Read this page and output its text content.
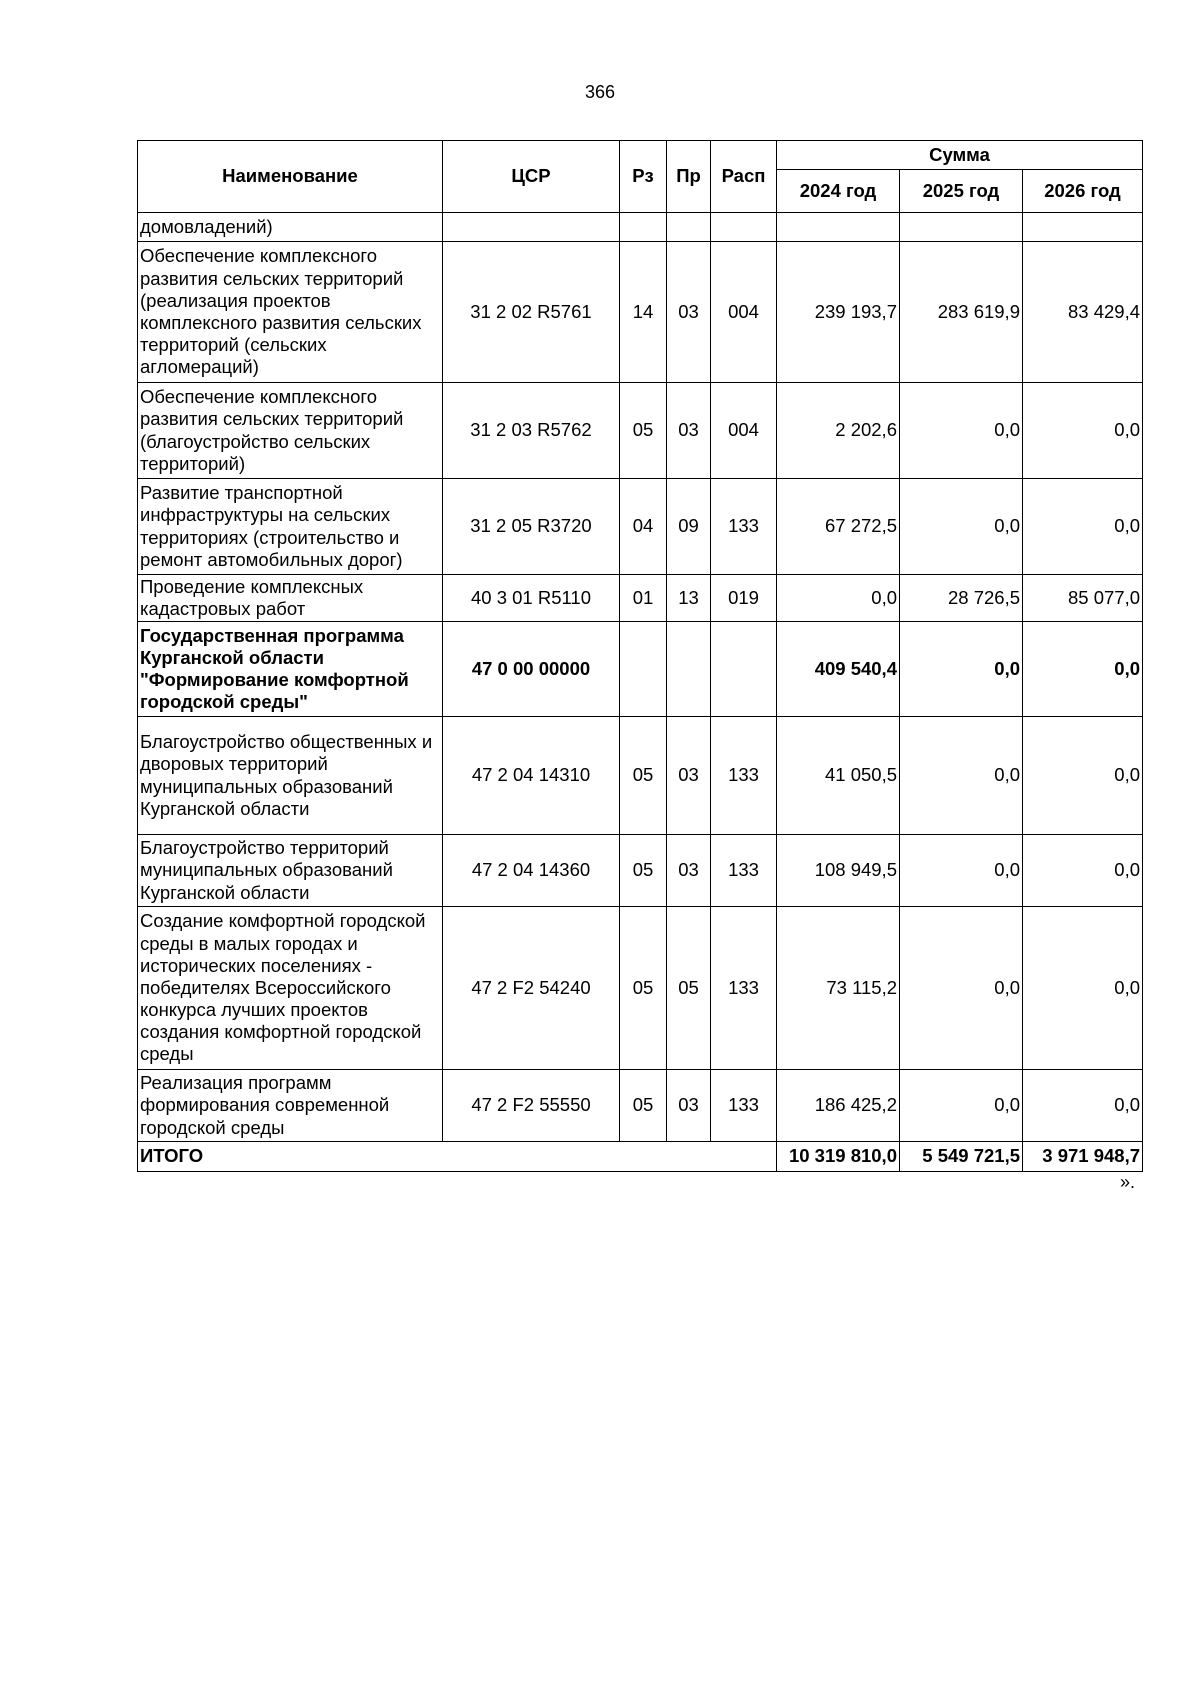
366
Наименование	ЦСР	Рз	Пр	Расп	Сумма		
					2024 год	2025 год	2026 год
домовладений)							
Обеспечение комплексного развития сельских территорий (реализация проектов комплексного развития сельских территорий (сельских агломераций)	31 2 02 R5761	14	03	004	239 193,7	283 619,9	83 429,4
Обеспечение комплексного развития сельских территорий (благоустройство сельских территорий)	31 2 03 R5762	05	03	004	2 202,6	0,0	0,0
Развитие транспортной инфраструктуры на сельских территориях (строительство и ремонт автомобильных дорог)	31 2 05 R3720	04	09	133	67 272,5	0,0	0,0
Проведение комплексных кадастровых работ	40 3 01 R5110	01	13	019	0,0	28 726,5	85 077,0
Государственная программа Курганской области "Формирование комфортной городской среды"	47 0 00 00000				409 540,4	0,0	0,0
Благоустройство общественных и дворовых территорий муниципальных образований Курганской области	47 2 04 14310	05	03	133	41 050,5	0,0	0,0
Благоустройство территорий муниципальных образований Курганской области	47 2 04 14360	05	03	133	108 949,5	0,0	0,0
Создание комфортной городской среды в малых городах и исторических поселениях - победителях Всероссийского конкурса лучших проектов создания комфортной городской среды	47 2 F2 54240	05	05	133	73 115,2	0,0	0,0
Реализация программ формирования современной городской среды	47 2 F2 55550	05	03	133	186 425,2	0,0	0,0
ИТОГО					10 319 810,0	5 549 721,5	3 971 948,7
».
